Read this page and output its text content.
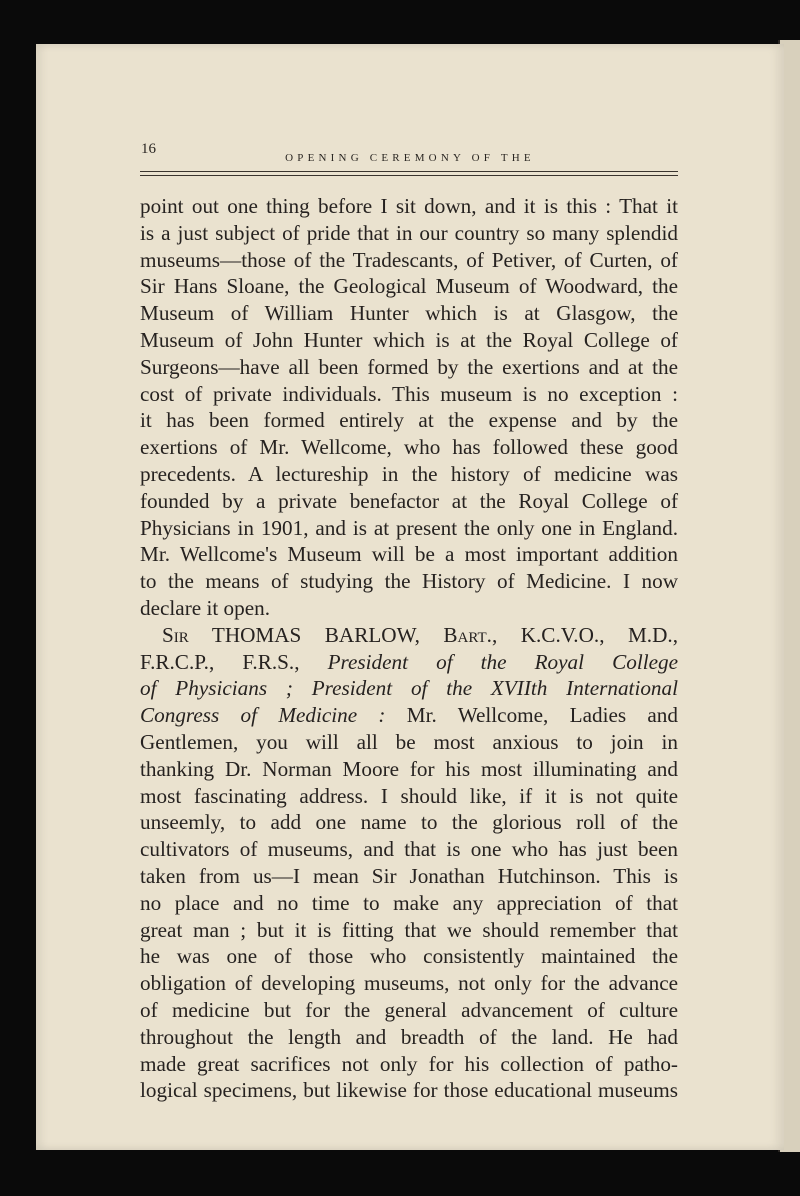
16
OPENING CEREMONY OF THE
point out one thing before I sit down, and it is this : That it
is a just subject of pride that in our country so many splendid
museums—those of the Tradescants, of Petiver, of Curten, of
Sir Hans Sloane, the Geological Museum of Woodward, the
Museum of William Hunter which is at Glasgow, the
Museum of John Hunter which is at the Royal College of
Surgeons—have all been formed by the exertions and at the
cost of private individuals. This museum is no exception :
it has been formed entirely at the expense and by the
exertions of Mr. Wellcome, who has followed these good
precedents. A lectureship in the history of medicine was
founded by a private benefactor at the Royal College of
Physicians in 1901, and is at present the only one in England.
Mr. Wellcome's Museum will be a most important addition
to the means of studying the History of Medicine. I now
declare it open.
Sir THOMAS BARLOW, Bart., K.C.V.O., M.D.,
F.R.C.P., F.R.S., President of the Royal College
of Physicians ; President of the XVIIth International
Congress of Medicine : Mr. Wellcome, Ladies and
Gentlemen, you will all be most anxious to join in
thanking Dr. Norman Moore for his most illuminating and
most fascinating address. I should like, if it is not quite
unseemly, to add one name to the glorious roll of the
cultivators of museums, and that is one who has just been
taken from us—I mean Sir Jonathan Hutchinson. This is
no place and no time to make any appreciation of that
great man ; but it is fitting that we should remember that
he was one of those who consistently maintained the
obligation of developing museums, not only for the advance
of medicine but for the general advancement of culture
throughout the length and breadth of the land. He had
made great sacrifices not only for his collection of patho-
logical specimens, but likewise for those educational museums
